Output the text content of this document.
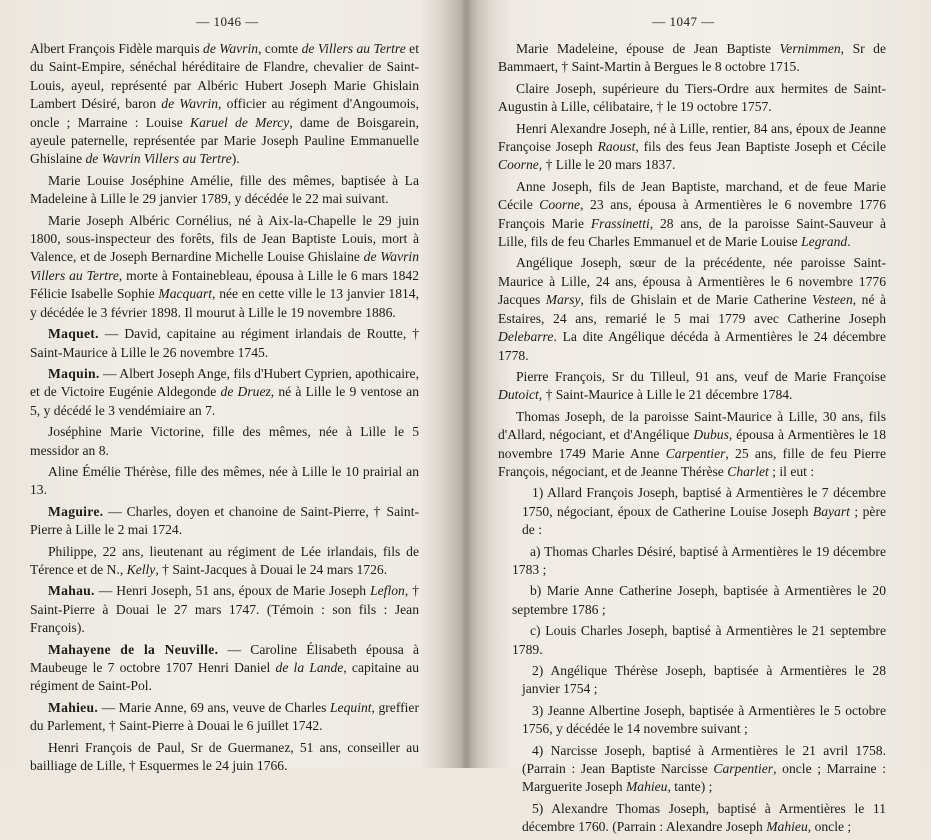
— 1046 —	— 1047 —

Albert François Fidèle marquis de Wavrin, comte de Villers au Tertre et du Saint-Empire, sénéchal héréditaire de Flandre, chevalier de Saint-Louis, ayeul, représenté par Albéric Hubert Joseph Marie Ghislain Lambert Désiré, baron de Wavrin, officier au régiment d'Angoumois, oncle ; Marraine : Louise Karuel de Mercy, dame de Boisgarein, ayeule paternelle, représentée par Marie Joseph Pauline Emmanuelle Ghislaine de Wavrin Villers au Tertre).

Marie Louise Joséphine Amélie, fille des mêmes, baptisée à La Madeleine à Lille le 29 janvier 1789, y décédée le 22 mai suivant.

Marie Joseph Albéric Cornélius, né à Aix-la-Chapelle le 29 juin 1800, sous-inspecteur des forêts, fils de Jean Baptiste Louis, mort à Valence, et de Joseph Bernardine Michelle Louise Ghislaine de Wavrin Villers au Tertre, morte à Fontainebleau, épousa à Lille le 6 mars 1842 Félicie Isabelle Sophie Macquart, née en cette ville le 13 janvier 1814, y décédée le 3 février 1898. Il mourut à Lille le 19 novembre 1886.

Maquet. — David, capitaine au régiment irlandais de Routte, † Saint-Maurice à Lille le 26 novembre 1745.

Maquin. — Albert Joseph Ange, fils d'Hubert Cyprien, apothicaire, et de Victoire Eugénie Aldegonde de Druez, né à Lille le 9 ventose an 5, y décédé le 3 vendémiaire an 7.

Joséphine Marie Victorine, fille des mêmes, née à Lille le 5 messidor an 8.

Aline Émélie Thérèse, fille des mêmes, née à Lille le 10 prairial an 13.

Maguire. — Charles, doyen et chanoine de Saint-Pierre, † Saint-Pierre à Lille le 2 mai 1724.

Philippe, 22 ans, lieutenant au régiment de Lée irlandais, fils de Térence et de N., Kelly, † Saint-Jacques à Douai le 24 mars 1726.

Mahau. — Henri Joseph, 51 ans, époux de Marie Joseph Leflon, † Saint-Pierre à Douai le 27 mars 1747. (Témoin : son fils : Jean François).

Mahayene de la Neuville. — Caroline Élisabeth épousa à Maubeuge le 7 octobre 1707 Henri Daniel de la Lande, capitaine au régiment de Saint-Pol.

Mahieu. — Marie Anne, 69 ans, veuve de Charles Lequint, greffier du Parlement, † Saint-Pierre à Douai le 6 juillet 1742.

Henri François de Paul, Sr de Guermanez, 51 ans, conseiller au bailliage de Lille, † Esquermes le 24 juin 1766.

Marie Madeleine, épouse de Jean Baptiste Vernimmen, Sr de Bammaert, † Saint-Martin à Bergues le 8 octobre 1715.

Claire Joseph, supérieure du Tiers-Ordre aux hermites de Saint-Augustin à Lille, célibataire, † le 19 octobre 1757.

Henri Alexandre Joseph, né à Lille, rentier, 84 ans, époux de Jeanne Françoise Joseph Raoust, fils des feus Jean Baptiste Joseph et Cécile Coorne, † Lille le 20 mars 1837.

Anne Joseph, fils de Jean Baptiste, marchand, et de feue Marie Cécile Coorne, 23 ans, épousa à Armentières le 6 novembre 1776 François Marie Frassinetti, 28 ans, de la paroisse Saint-Sauveur à Lille, fils de feu Charles Emmanuel et de Marie Louise Legrand.

Angélique Joseph, sœur de la précédente, née paroisse Saint-Maurice à Lille, 24 ans, épousa à Armentières le 6 novembre 1776 Jacques Marsy, fils de Ghislain et de Marie Catherine Vesteen, né à Estaires, 24 ans, remarié le 5 mai 1779 avec Catherine Joseph Delebarre. La dite Angélique décéda à Armentières le 24 décembre 1778.

Pierre François, Sr du Tilleul, 91 ans, veuf de Marie Françoise Dutoict, † Saint-Maurice à Lille le 21 décembre 1784.

Thomas Joseph, de la paroisse Saint-Maurice à Lille, 30 ans, fils d'Allard, négociant, et d'Angélique Dubus, épousa à Armentières le 18 novembre 1749 Marie Anne Carpentier, 25 ans, fille de feu Pierre François, négociant, et de Jeanne Thérèse Charlet ; il eut :

1) Allard François Joseph, baptisé à Armentières le 7 décembre 1750, négociant, époux de Catherine Louise Joseph Bayart ; père de :

a) Thomas Charles Désiré, baptisé à Armentières le 19 décembre 1783 ;

b) Marie Anne Catherine Joseph, baptisée à Armentières le 20 septembre 1786 ;

c) Louis Charles Joseph, baptisé à Armentières le 21 septembre 1789.

2) Angélique Thérèse Joseph, baptisée à Armentières le 28 janvier 1754 ;

3) Jeanne Albertine Joseph, baptisée à Armentières le 5 octobre 1756, y décédée le 14 novembre suivant ;

4) Narcisse Joseph, baptisé à Armentières le 21 avril 1758. (Parrain : Jean Baptiste Narcisse Carpentier, oncle ; Marraine : Marguerite Joseph Mahieu, tante) ;

5) Alexandre Thomas Joseph, baptisé à Armentières le 11 décembre 1760. (Parrain : Alexandre Joseph Mahieu, oncle ;
